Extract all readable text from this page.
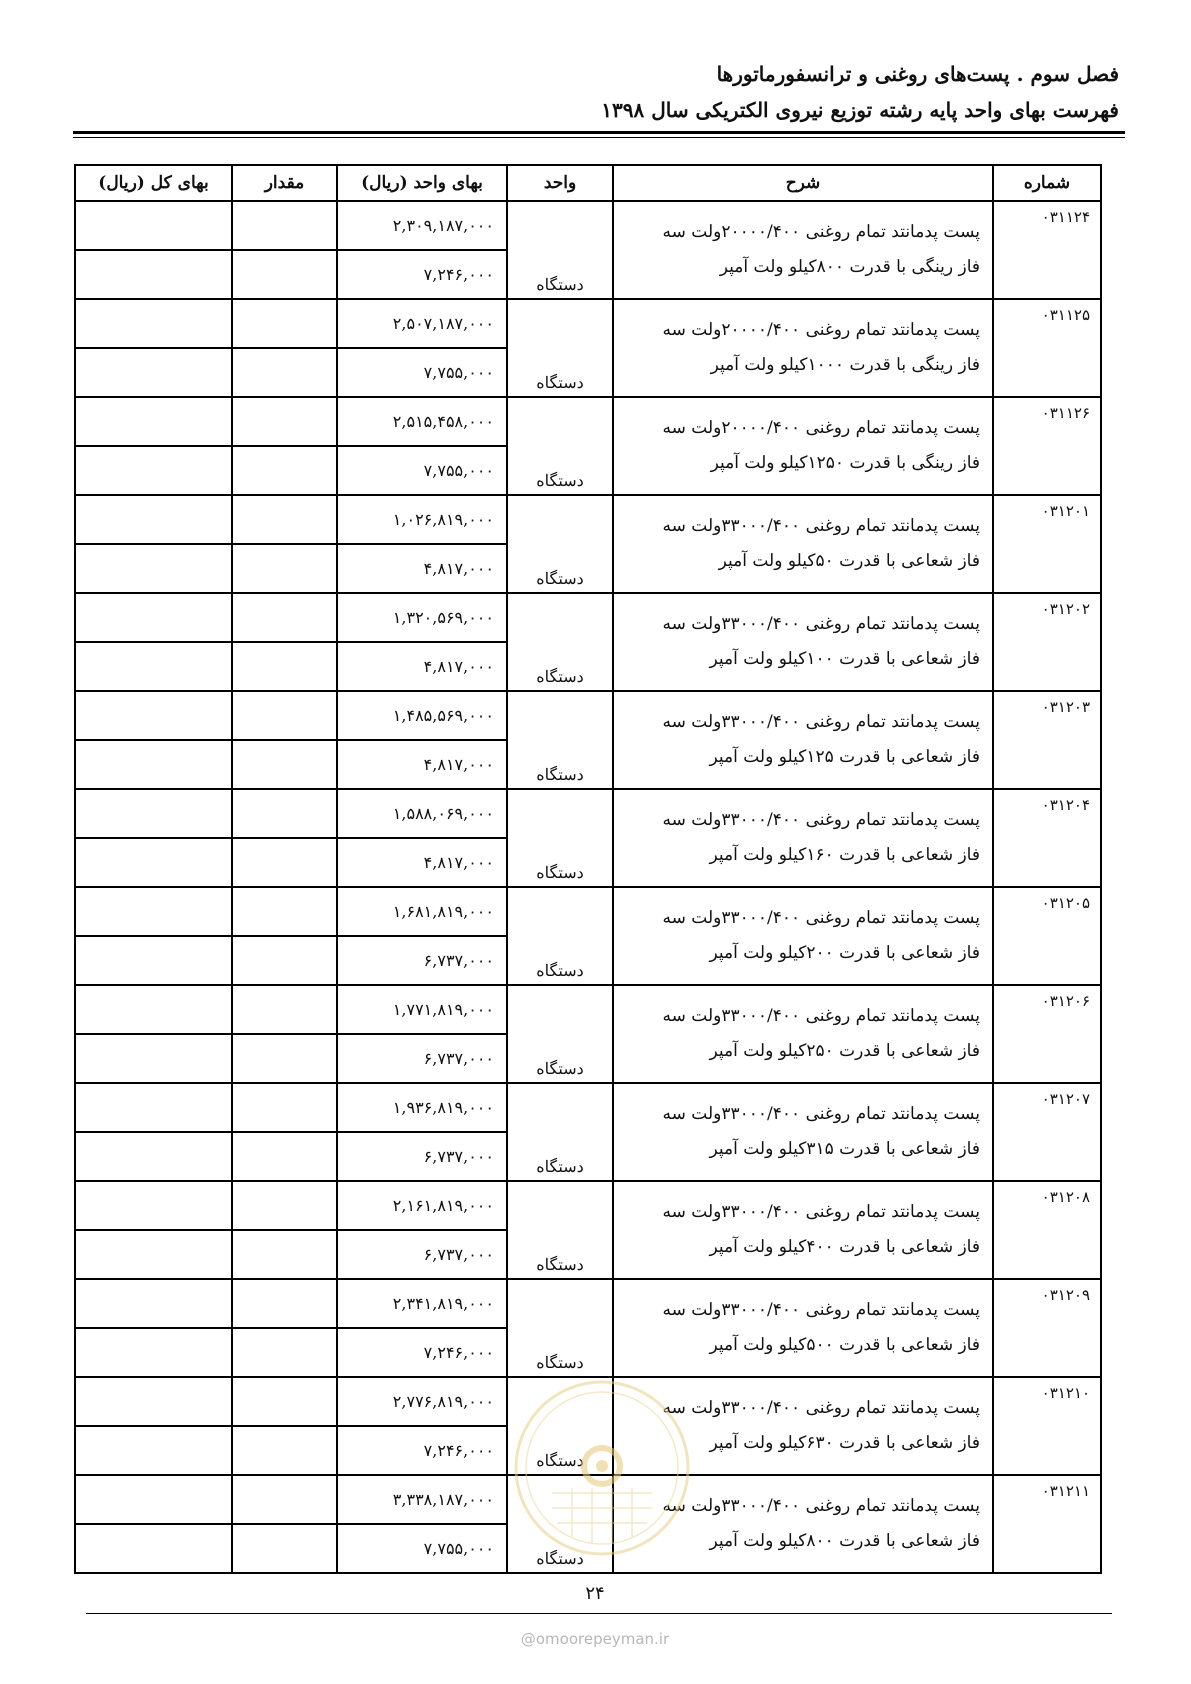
فصل سوم . پست‌های روغنی و ترانسفورماتورها
فهرست بهای واحد پایه رشته توزیع نیروی الکتریکی سال ۱۳۹۸
شماره	شرح	واحد	بهای واحد (ریال)	مقدار	بهای کل (ریال)
۰۳۱۱۲۴	پست پدمانتد تمام روغنی ۲۰۰۰۰/۴۰۰ولت سه
فاز رینگی با قدرت ۸۰۰کیلو ولت آمپر	دستگاه	۲,۳۰۹,۱۸۷,۰۰۰		
			۷,۲۴۶,۰۰۰		
۰۳۱۱۲۵	پست پدمانتد تمام روغنی ۲۰۰۰۰/۴۰۰ولت سه
فاز رینگی با قدرت ۱۰۰۰کیلو ولت آمپر	دستگاه	۲,۵۰۷,۱۸۷,۰۰۰		
			۷,۷۵۵,۰۰۰		
۰۳۱۱۲۶	پست پدمانتد تمام روغنی ۲۰۰۰۰/۴۰۰ولت سه
فاز رینگی با قدرت ۱۲۵۰کیلو ولت آمپر	دستگاه	۲,۵۱۵,۴۵۸,۰۰۰		
			۷,۷۵۵,۰۰۰		
۰۳۱۲۰۱	پست پدمانتد تمام روغنی ۳۳۰۰۰/۴۰۰ولت سه
فاز شعاعی با قدرت ۵۰کیلو ولت آمپر	دستگاه	۱,۰۲۶,۸۱۹,۰۰۰		
			۴,۸۱۷,۰۰۰		
۰۳۱۲۰۲	پست پدمانتد تمام روغنی ۳۳۰۰۰/۴۰۰ولت سه
فاز شعاعی با قدرت ۱۰۰کیلو ولت آمپر	دستگاه	۱,۳۲۰,۵۶۹,۰۰۰		
			۴,۸۱۷,۰۰۰		
۰۳۱۲۰۳	پست پدمانتد تمام روغنی ۳۳۰۰۰/۴۰۰ولت سه
فاز شعاعی با قدرت ۱۲۵کیلو ولت آمپر	دستگاه	۱,۴۸۵,۵۶۹,۰۰۰		
			۴,۸۱۷,۰۰۰		
۰۳۱۲۰۴	پست پدمانتد تمام روغنی ۳۳۰۰۰/۴۰۰ولت سه
فاز شعاعی با قدرت ۱۶۰کیلو ولت آمپر	دستگاه	۱,۵۸۸,۰۶۹,۰۰۰		
			۴,۸۱۷,۰۰۰		
۰۳۱۲۰۵	پست پدمانتد تمام روغنی ۳۳۰۰۰/۴۰۰ولت سه
فاز شعاعی با قدرت ۲۰۰کیلو ولت آمپر	دستگاه	۱,۶۸۱,۸۱۹,۰۰۰		
			۶,۷۳۷,۰۰۰		
۰۳۱۲۰۶	پست پدمانتد تمام روغنی ۳۳۰۰۰/۴۰۰ولت سه
فاز شعاعی با قدرت ۲۵۰کیلو ولت آمپر	دستگاه	۱,۷۷۱,۸۱۹,۰۰۰		
			۶,۷۳۷,۰۰۰		
۰۳۱۲۰۷	پست پدمانتد تمام روغنی ۳۳۰۰۰/۴۰۰ولت سه
فاز شعاعی با قدرت ۳۱۵کیلو ولت آمپر	دستگاه	۱,۹۳۶,۸۱۹,۰۰۰		
			۶,۷۳۷,۰۰۰		
۰۳۱۲۰۸	پست پدمانتد تمام روغنی ۳۳۰۰۰/۴۰۰ولت سه
فاز شعاعی با قدرت ۴۰۰کیلو ولت آمپر	دستگاه	۲,۱۶۱,۸۱۹,۰۰۰		
			۶,۷۳۷,۰۰۰		
۰۳۱۲۰۹	پست پدمانتد تمام روغنی ۳۳۰۰۰/۴۰۰ولت سه
فاز شعاعی با قدرت ۵۰۰کیلو ولت آمپر	دستگاه	۲,۳۴۱,۸۱۹,۰۰۰		
			۷,۲۴۶,۰۰۰		
۰۳۱۲۱۰	پست پدمانتد تمام روغنی ۳۳۰۰۰/۴۰۰ولت سه
فاز شعاعی با قدرت ۶۳۰کیلو ولت آمپر	دستگاه	۲,۷۷۶,۸۱۹,۰۰۰		
			۷,۲۴۶,۰۰۰		
۰۳۱۲۱۱	پست پدمانتد تمام روغنی ۳۳۰۰۰/۴۰۰ولت سه
فاز شعاعی با قدرت ۸۰۰کیلو ولت آمپر	دستگاه	۳,۳۳۸,۱۸۷,۰۰۰		
			۷,۷۵۵,۰۰۰		
۲۴
@omoorepeyman.ir
